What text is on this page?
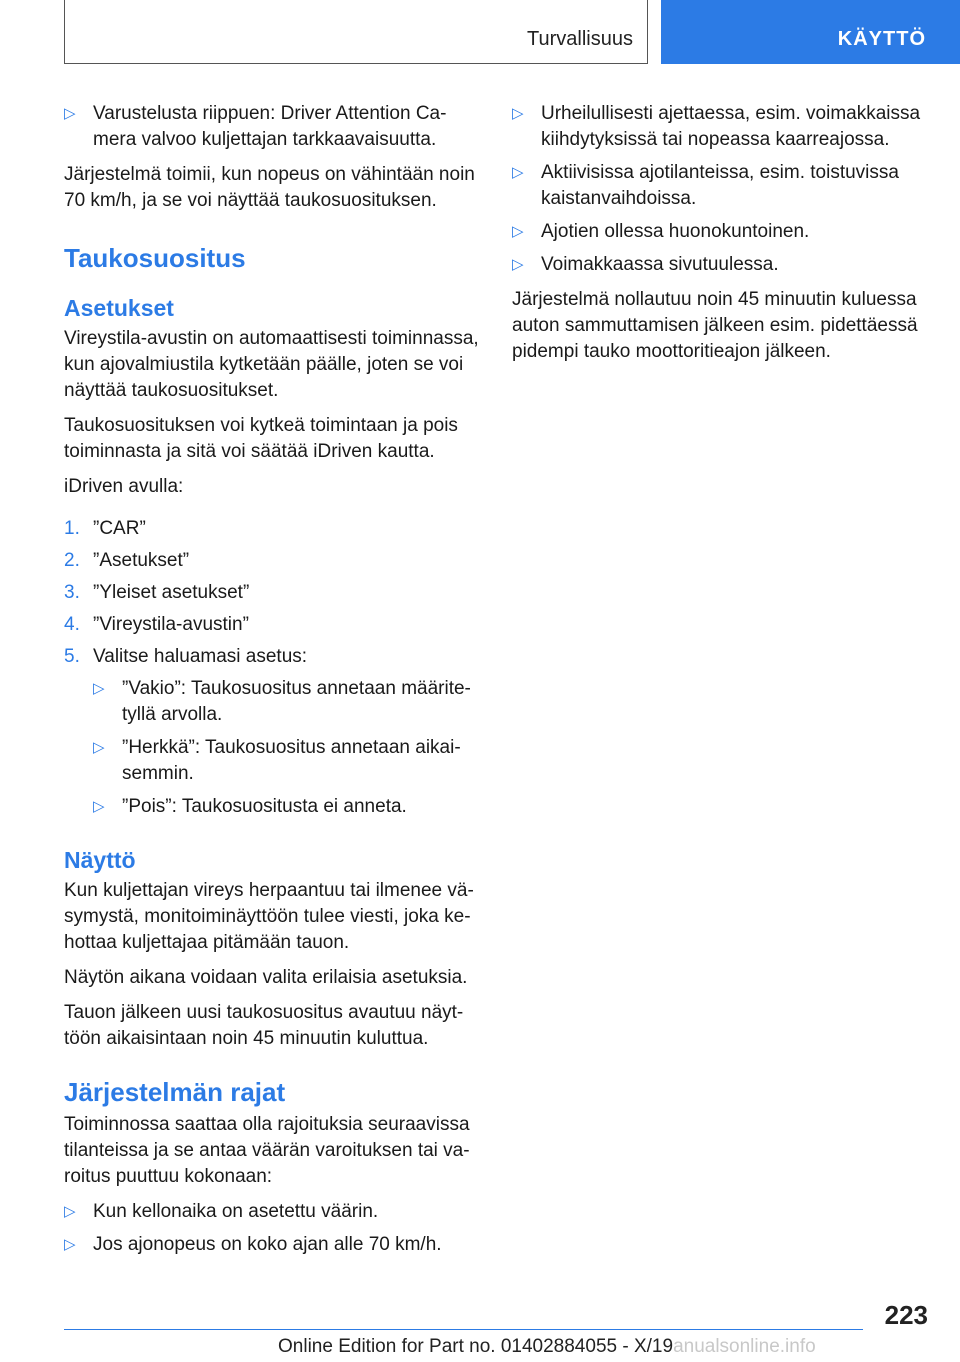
Turvallisuus	KÄYTTÖ
▷ Varustelusta riippuen: Driver Attention Ca-mera valvoo kuljettajan tarkkaavaisuutta.

Järjestelmä toimii, kun nopeus on vähintään noin 70 km/h, ja se voi näyttää taukosuosituksen.

Taukosuositus
Asetukset

Vireystila-avustin on automaattisesti toiminnassa, kun ajovalmiustila kytketään päälle, joten se voi näyttää taukosuositukset.

Taukosuosituksen voi kytkeä toimintaan ja pois toiminnasta ja sitä voi säätää iDriven kautta.

iDriven avulla:

1. ”CAR”
2. ”Asetukset”
3. ”Yleiset asetukset”
4. ”Vireystila-avustin”
5. Valitse haluamasi asetus:
▷ ”Vakio”: Taukosuositus annetaan määrite-tyllä arvolla.
▷ ”Herkkä”: Taukosuositus annetaan aikai-semmin.
▷ ”Pois”: Taukosuositusta ei anneta.
Näyttö

Kun kuljettajan vireys herpaantuu tai ilmenee vä-symystä, monitoiminäyttöön tulee viesti, joka ke-hottaa kuljettajaa pitämään tauon.

Näytön aikana voidaan valita erilaisia asetuksia.

Tauon jälkeen uusi taukosuositus avautuu näyt-töön aikaisintaan noin 45 minuutin kuluttua.

Järjestelmän rajat

Toiminnossa saattaa olla rajoituksia seuraavissa tilanteissa ja se antaa väärän varoituksen tai va-roitus puuttuu kokonaan:

▷ Kun kellonaika on asetettu väärin.
▷ Jos ajonopeus on koko ajan alle 70 km/h.
▷ Urheilullisesti ajettaessa, esim. voimakkaissa kiihdytyksissä tai nopeassa kaarreajossa.
▷ Aktiivisissa ajotilanteissa, esim. toistuvissa kaistanvaihdoissa.
▷ Ajotien ollessa huonokuntoinen.
▷ Voimakkaassa sivutuulessa.

Järjestelmä nollautuu noin 45 minuutin kuluessa auton sammuttamisen jälkeen esim. pidettäessä pidempi tauko moottoritieajon jälkeen.

223
Online Edition for Part no. 01402884055 - X/19anualsonline.info
